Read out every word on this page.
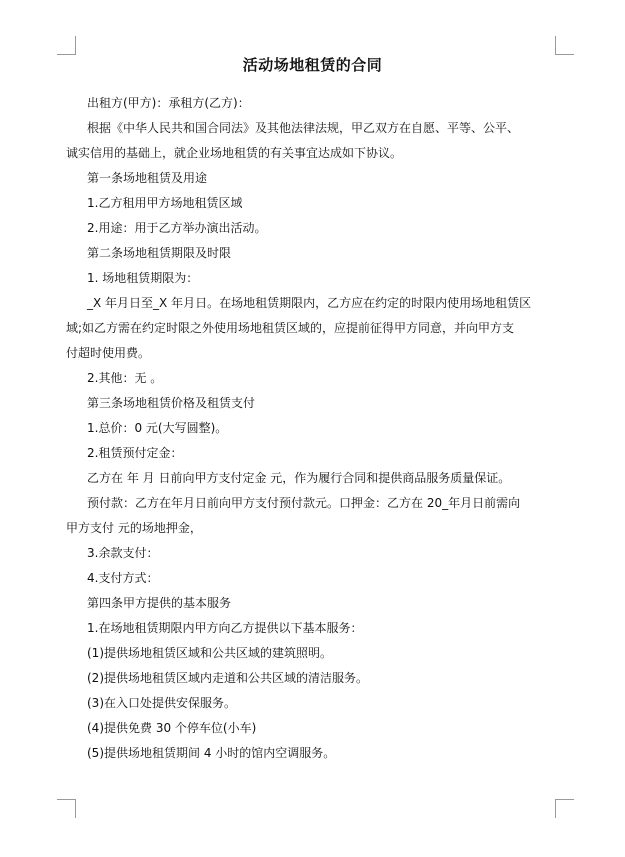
活动场地租赁的合同
出租方(甲方)：承租方(乙方)：
根据《中华人民共和国合同法》及其他法律法规，甲乙双方在自愿、平等、公平、
诚实信用的基础上，就企业场地租赁的有关事宜达成如下协议。
第一条场地租赁及用途
1.乙方租用甲方场地租赁区域
2.用途：用于乙方举办演出活动。
第二条场地租赁期限及时限
1. 场地租赁期限为：
_X 年月日至_X 年月日。在场地租赁期限内，乙方应在约定的时限内使用场地租赁区
域;如乙方需在约定时限之外使用场地租赁区域的，应提前征得甲方同意，并向甲方支
付超时使用费。
2.其他：无 。
第三条场地租赁价格及租赁支付
1.总价：0 元(大写圆整)。
2.租赁预付定金：
乙方在 年 月 日前向甲方支付定金 元，作为履行合同和提供商品服务质量保证。
预付款：乙方在年月日前向甲方支付预付款元。口押金：乙方在 20_年月日前需向
甲方支付 元的场地押金，
3.余款支付：
4.支付方式：
第四条甲方提供的基本服务
1.在场地租赁期限内甲方向乙方提供以下基本服务：
(1)提供场地租赁区域和公共区域的建筑照明。
(2)提供场地租赁区域内走道和公共区域的清洁服务。
(3)在入口处提供安保服务。
(4)提供免费 30 个停车位(小车)
(5)提供场地租赁期间 4 小时的馆内空调服务。
